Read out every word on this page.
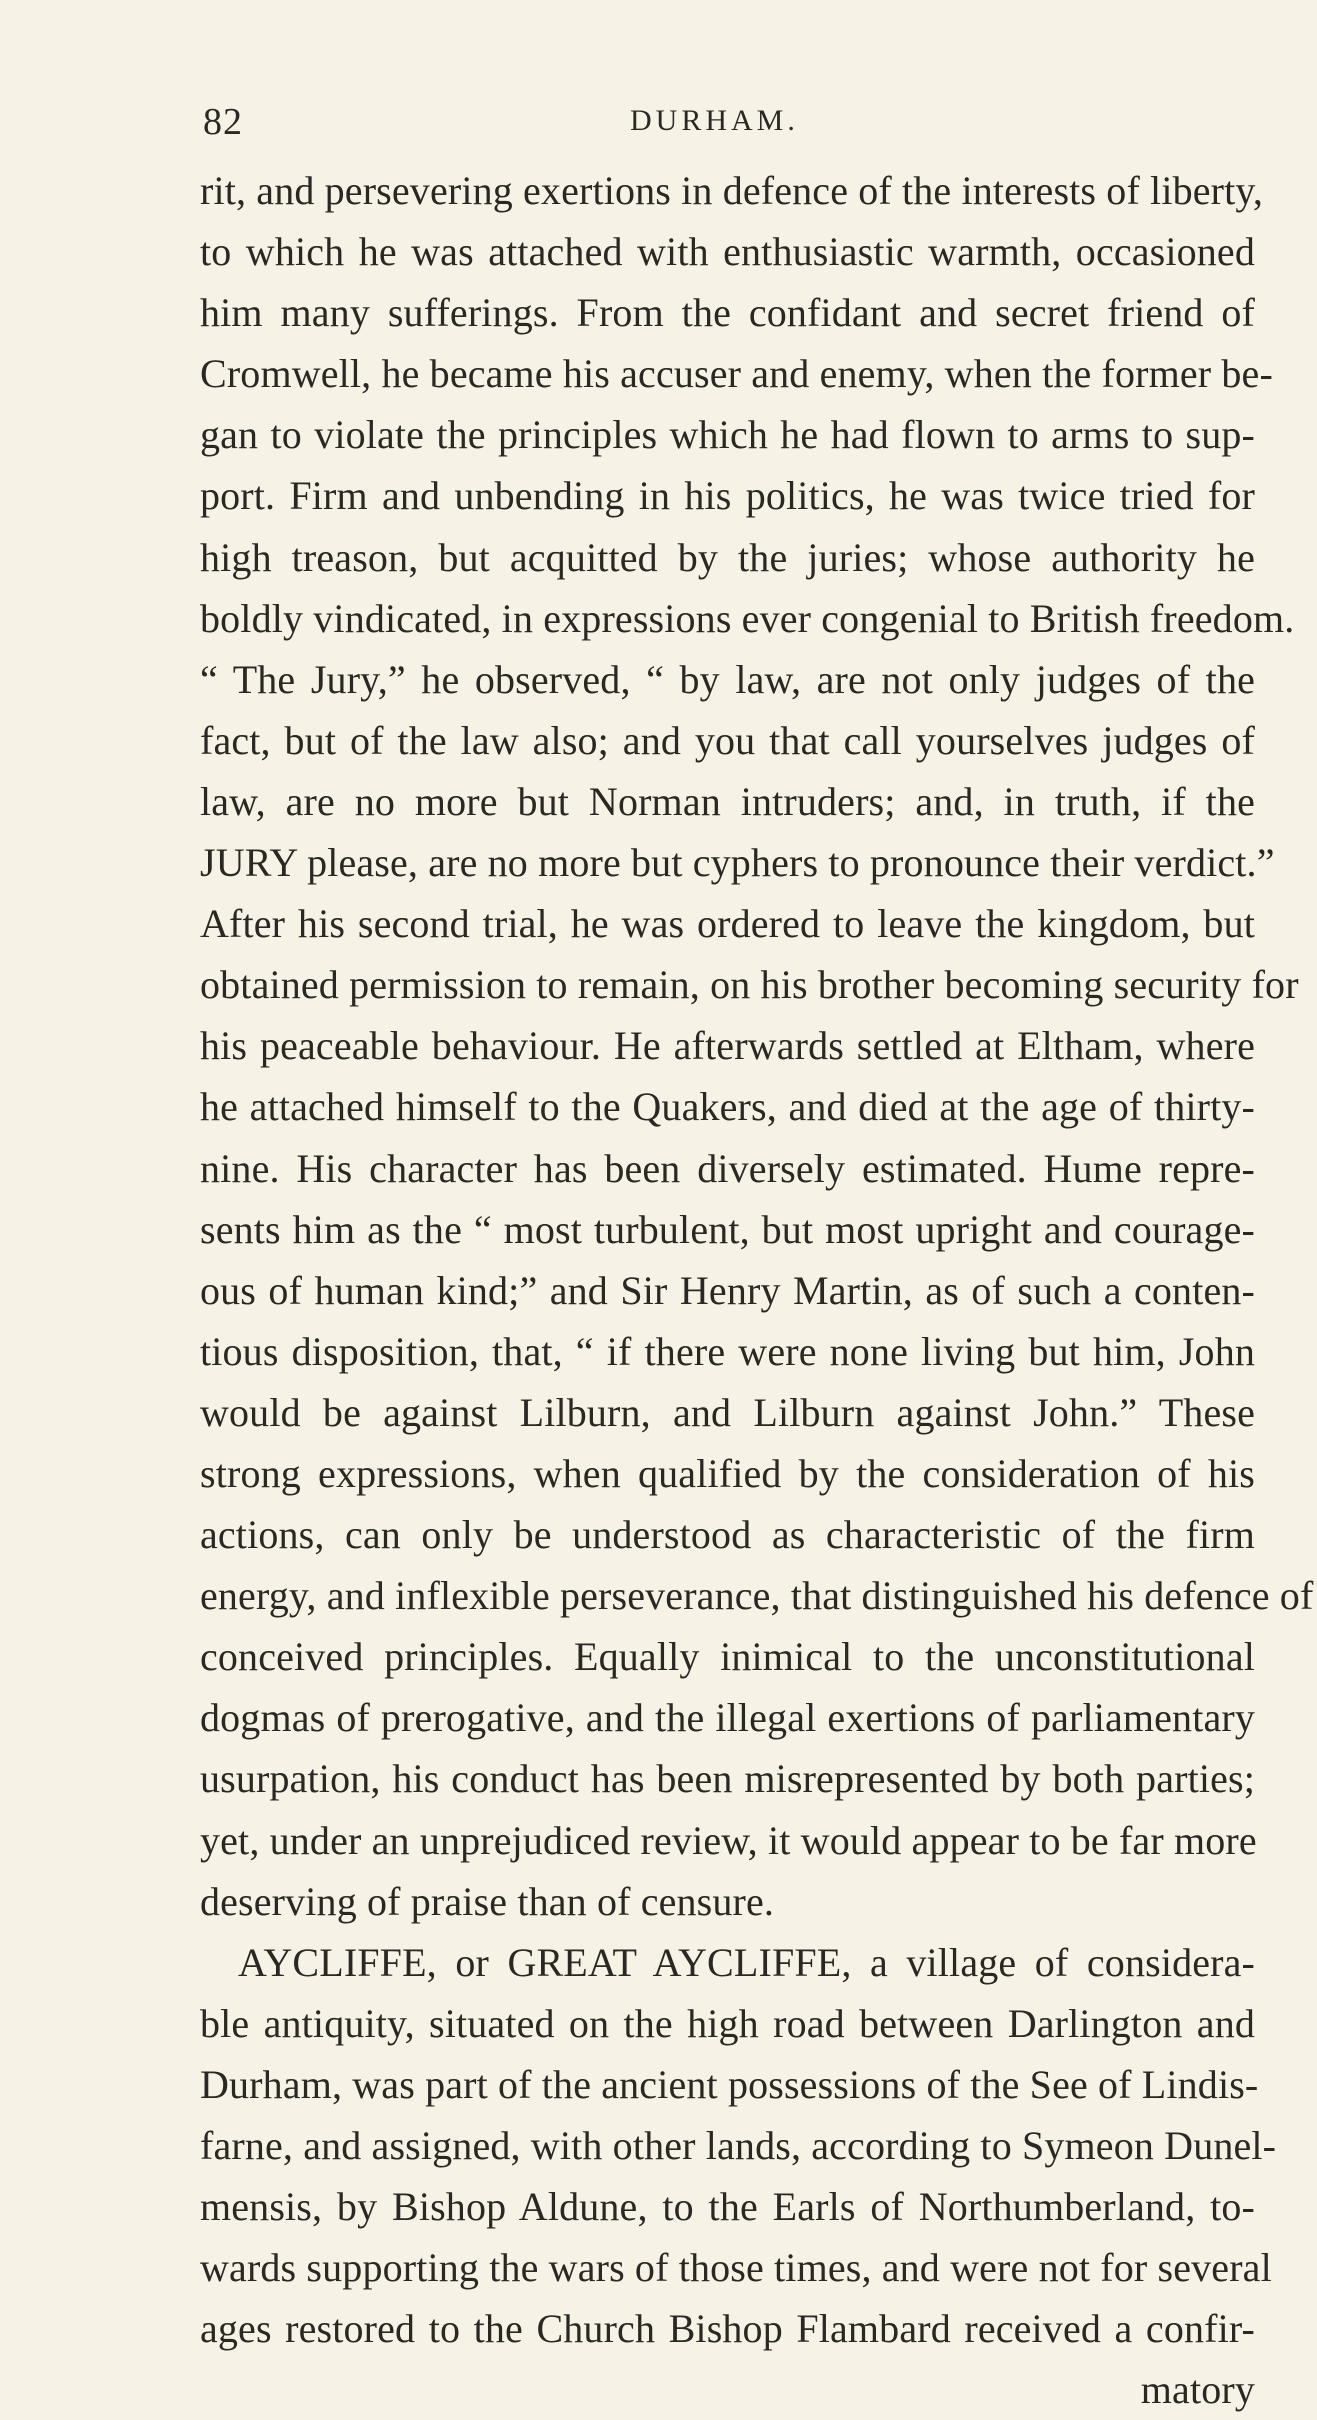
82	DURHAM.
rit, and persevering exertions in defence of the interests of liberty,
to which he was attached with enthusiastic warmth, occasioned
him many sufferings. From the confidant and secret friend of
Cromwell, he became his accuser and enemy, when the former be-
gan to violate the principles which he had flown to arms to sup-
port. Firm and unbending in his politics, he was twice tried for
high treason, but acquitted by the juries; whose authority he
boldly vindicated, in expressions ever congenial to British freedom.
“ The Jury,” he observed, “ by law, are not only judges of the
fact, but of the law also; and you that call yourselves judges of
law, are no more but Norman intruders; and, in truth, if the
JURY please, are no more but cyphers to pronounce their verdict.”
After his second trial, he was ordered to leave the kingdom, but
obtained permission to remain, on his brother becoming security for
his peaceable behaviour. He afterwards settled at Eltham, where
he attached himself to the Quakers, and died at the age of thirty-
nine. His character has been diversely estimated. Hume repre-
sents him as the “ most turbulent, but most upright and courage-
ous of human kind;” and Sir Henry Martin, as of such a conten-
tious disposition, that, “ if there were none living but him, John
would be against Lilburn, and Lilburn against John.” These
strong expressions, when qualified by the consideration of his
actions, can only be understood as characteristic of the firm
energy, and inflexible perseverance, that distinguished his defence of
conceived principles. Equally inimical to the unconstitutional
dogmas of prerogative, and the illegal exertions of parliamentary
usurpation, his conduct has been misrepresented by both parties;
yet, under an unprejudiced review, it would appear to be far more
deserving of praise than of censure.
AYCLIFFE, or GREAT AYCLIFFE, a village of considera-
ble antiquity, situated on the high road between Darlington and
Durham, was part of the ancient possessions of the See of Lindis-
farne, and assigned, with other lands, according to Symeon Dunel-
mensis, by Bishop Aldune, to the Earls of Northumberland, to-
wards supporting the wars of those times, and were not for several
ages restored to the Church Bishop Flambard received a confir-
matory
